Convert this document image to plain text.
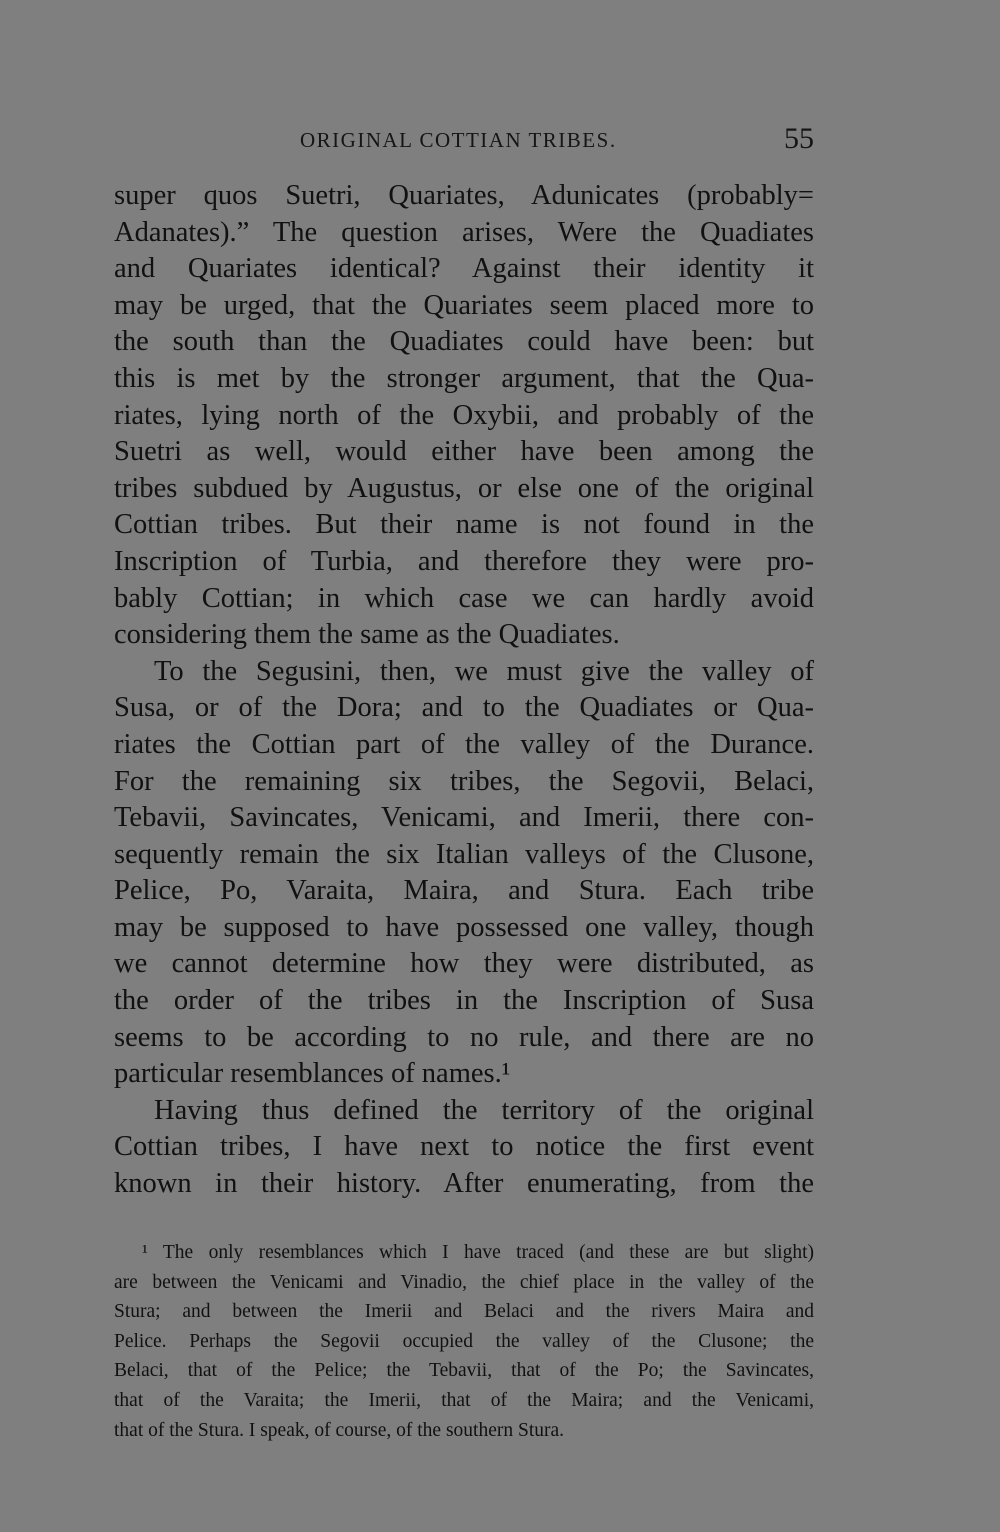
ORIGINAL COTTIAN TRIBES.	55
super quos Suetri, Quariates, Adunicates (probably=
Adanates).” The question arises, Were the Quadiates
and Quariates identical? Against their identity it
may be urged, that the Quariates seem placed more to
the south than the Quadiates could have been: but
this is met by the stronger argument, that the Qua-
riates, lying north of the Oxybii, and probably of the
Suetri as well, would either have been among the
tribes subdued by Augustus, or else one of the original
Cottian tribes. But their name is not found in the
Inscription of Turbia, and therefore they were pro-
bably Cottian; in which case we can hardly avoid
considering them the same as the Quadiates.
To the Segusini, then, we must give the valley of
Susa, or of the Dora; and to the Quadiates or Qua-
riates the Cottian part of the valley of the Durance.
For the remaining six tribes, the Segovii, Belaci,
Tebavii, Savincates, Venicami, and Imerii, there con-
sequently remain the six Italian valleys of the Clusone,
Pelice, Po, Varaita, Maira, and Stura. Each tribe
may be supposed to have possessed one valley, though
we cannot determine how they were distributed, as
the order of the tribes in the Inscription of Susa
seems to be according to no rule, and there are no
particular resemblances of names.¹
Having thus defined the territory of the original
Cottian tribes, I have next to notice the first event
known in their history. After enumerating, from the
¹ The only resemblances which I have traced (and these are but slight)
are between the Venicami and Vinadio, the chief place in the valley of the
Stura; and between the Imerii and Belaci and the rivers Maira and
Pelice. Perhaps the Segovii occupied the valley of the Clusone; the
Belaci, that of the Pelice; the Tebavii, that of the Po; the Savincates,
that of the Varaita; the Imerii, that of the Maira; and the Venicami,
that of the Stura. I speak, of course, of the southern Stura.
